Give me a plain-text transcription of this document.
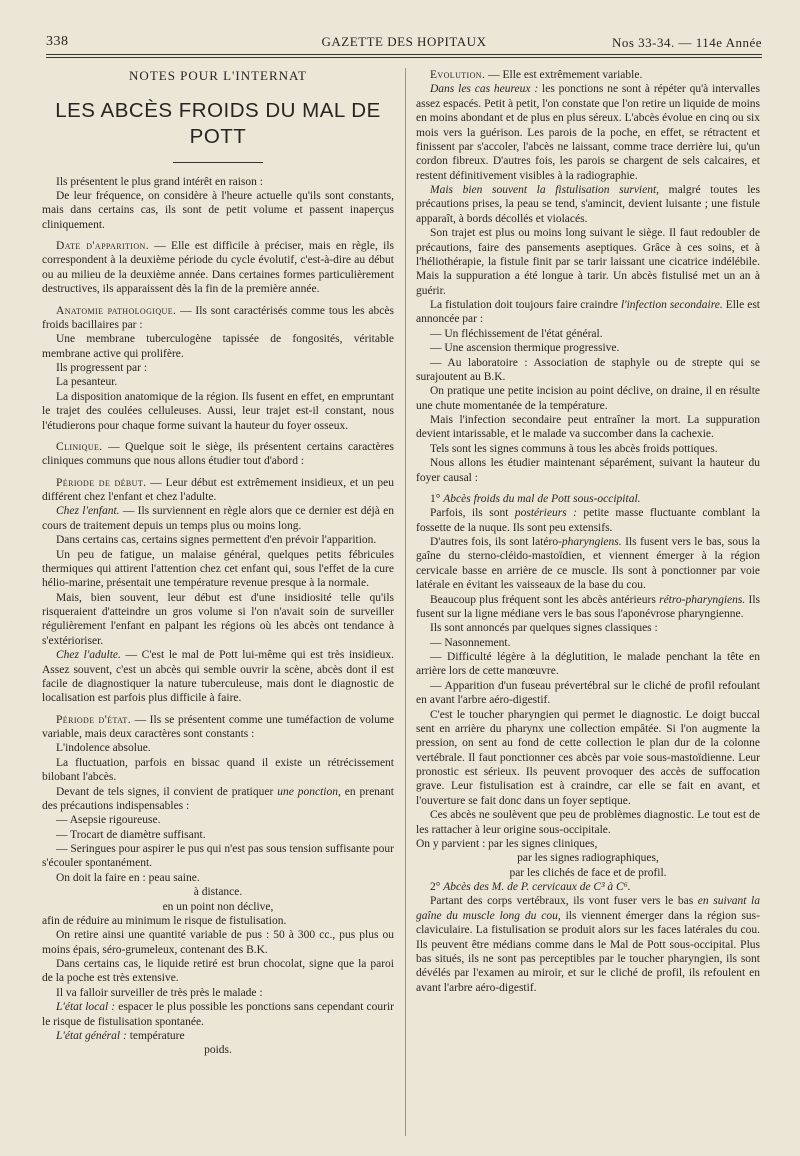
338	GAZETTE DES HOPITAUX	Nos 33-34. — 114e Année
NOTES POUR L'INTERNAT
LES ABCÈS FROIDS DU MAL DE POTT

Ils présentent le plus grand intérêt en raison :

De leur fréquence, on considère à l'heure actuelle qu'ils sont constants, mais dans certains cas, ils sont de petit volume et passent inaperçus cliniquement.

Date d'apparition. — Elle est difficile à préciser, mais en règle, ils correspondent à la deuxième période du cycle évolutif, c'est-à-dire au début ou au milieu de la deuxième année. Dans certaines formes particulièrement destructives, ils apparaissent dès la fin de la première année.

Anatomie pathologique. — Ils sont caractérisés comme tous les abcès froids bacillaires par :

Une membrane tuberculogène tapissée de fongosités, véritable membrane active qui prolifère.

Ils progressent par :

La pesanteur.

La disposition anatomique de la région. Ils fusent en effet, en empruntant le trajet des coulées celluleuses. Aussi, leur trajet est-il constant, nous l'étudierons pour chaque forme suivant la hauteur du foyer osseux.

Clinique. — Quelque soit le siège, ils présentent certains caractères cliniques communs que nous allons étudier tout d'abord :

Période de début. — Leur début est extrêmement insidieux, et un peu différent chez l'enfant et chez l'adulte.

Chez l'enfant. — Ils surviennent en règle alors que ce dernier est déjà en cours de traitement depuis un temps plus ou moins long.

Dans certains cas, certains signes permettent d'en prévoir l'apparition.

Un peu de fatigue, un malaise général, quelques petits fébricules thermiques qui attirent l'attention chez cet enfant qui, sous l'effet de la cure hélio-marine, présentait une température revenue presque à la normale.

Mais, bien souvent, leur début est d'une insidiosité telle qu'ils risqueraient d'atteindre un gros volume si l'on n'avait soin de surveiller régulièrement l'enfant en palpant les régions où les abcès ont tendance à s'extérioriser.

Chez l'adulte. — C'est le mal de Pott lui-même qui est très insidieux. Assez souvent, c'est un abcès qui semble ouvrir la scène, abcès dont il est facile de diagnostiquer la nature tuberculeuse, mais dont le diagnostic de localisation est parfois plus difficile à faire.

Période d'état. — Ils se présentent comme une tuméfaction de volume variable, mais deux caractères sont constants :

L'indolence absolue.

La fluctuation, parfois en bissac quand il existe un rétrécissement bilobant l'abcès.

Devant de tels signes, il convient de pratiquer une ponction, en prenant des précautions indispensables :

— Asepsie rigoureuse.

— Trocart de diamètre suffisant.

— Seringues pour aspirer le pus qui n'est pas sous tension suffisante pour s'écouler spontanément.

On doit la faire en : peau saine.

à distance.

en un point non déclive,

afin de réduire au minimum le risque de fistulisation.

On retire ainsi une quantité variable de pus : 50 à 300 cc., pus plus ou moins épais, séro-grumeleux, contenant des B.K.

Dans certains cas, le liquide retiré est brun chocolat, signe que la paroi de la poche est très extensive.

Il va falloir surveiller de très près le malade :

L'état local : espacer le plus possible les ponctions sans cependant courir le risque de fistulisation spontanée.

L'état général : température

poids.

Evolution. — Elle est extrêmement variable.

Dans les cas heureux : les ponctions ne sont à répéter qu'à intervalles assez espacés. Petit à petit, l'on constate que l'on retire un liquide de moins en moins abondant et de plus en plus séreux. L'abcès évolue en cinq ou six mois vers la guérison. Les parois de la poche, en effet, se rétractent et finissent par s'accoler, l'abcès ne laissant, comme trace derrière lui, qu'un cordon fibreux. D'autres fois, les parois se chargent de sels calcaires, et restent définitivement visibles à la radiographie.

Mais bien souvent la fistulisation survient, malgré toutes les précautions prises, la peau se tend, s'amincit, devient luisante ; une fistule apparaît, à bords décollés et violacés.

Son trajet est plus ou moins long suivant le siège. Il faut redoubler de précautions, faire des pansements aseptiques. Grâce à ces soins, et à l'héliothérapie, la fistule finit par se tarir laissant une cicatrice indélébile. Mais la suppuration a été longue à tarir. Un abcès fistulisé met un an à guérir.

La fistulation doit toujours faire craindre l'infection secondaire. Elle est annoncée par :

— Un fléchissement de l'état général.

— Une ascension thermique progressive.

— Au laboratoire : Association de staphyle ou de strepte qui se surajoutent au B.K.

On pratique une petite incision au point déclive, on draine, il en résulte une chute momentanée de la température.

Mais l'infection secondaire peut entraîner la mort. La suppuration devient intarissable, et le malade va succomber dans la cachexie.

Tels sont les signes communs à tous les abcès froids pottiques.

Nous allons les étudier maintenant séparément, suivant la hauteur du foyer causal :

1° Abcès froids du mal de Pott sous-occipital.

Parfois, ils sont postérieurs : petite masse fluctuante comblant la fossette de la nuque. Ils sont peu extensifs.

D'autres fois, ils sont latéro-pharyngiens. Ils fusent vers le bas, sous la gaîne du sterno-cléido-mastoïdien, et viennent émerger à la région cervicale basse en arrière de ce muscle. Ils sont à ponctionner par voie latérale en évitant les vaisseaux de la base du cou.

Beaucoup plus fréquent sont les abcès antérieurs rétro-pharyngiens. Ils fusent sur la ligne médiane vers le bas sous l'aponévrose pharyngienne.

Ils sont annoncés par quelques signes classiques :

— Nasonnement.

— Difficulté légère à la déglutition, le malade penchant la tête en arrière lors de cette manœuvre.

— Apparition d'un fuseau prévertébral sur le cliché de profil refoulant en avant l'arbre aéro-digestif.

C'est le toucher pharyngien qui permet le diagnostic. Le doigt buccal sent en arrière du pharynx une collection empâtée. Si l'on augmente la pression, on sent au fond de cette collection le plan dur de la colonne vertébrale. Il faut ponctionner ces abcès par voie sous-mastoïdienne. Leur pronostic est sérieux. Ils peuvent provoquer des accès de suffocation grave. Leur fistulisation est à craindre, car elle se fait en avant, et l'ouverture se fait donc dans un foyer septique.

Ces abcès ne soulèvent que peu de problèmes diagnostic. Le tout est de les rattacher à leur origine sous-occipitale.

On y parvient : par les signes cliniques,

par les signes radiographiques,

par les clichés de face et de profil.

2° Abcès des M. de P. cervicaux de C³ à C⁶.

Partant des corps vertébraux, ils vont fuser vers le bas en suivant la gaîne du muscle long du cou, ils viennent émerger dans la région sus-claviculaire. La fistulisation se produit alors sur les faces latérales du cou. Ils peuvent être médians comme dans le Mal de Pott sous-occipital. Plus bas situés, ils ne sont pas perceptibles par le toucher pharyngien, ils sont dévélés par l'examen au miroir, et sur le cliché de profil, ils refoulent en avant l'arbre aéro-digestif.
